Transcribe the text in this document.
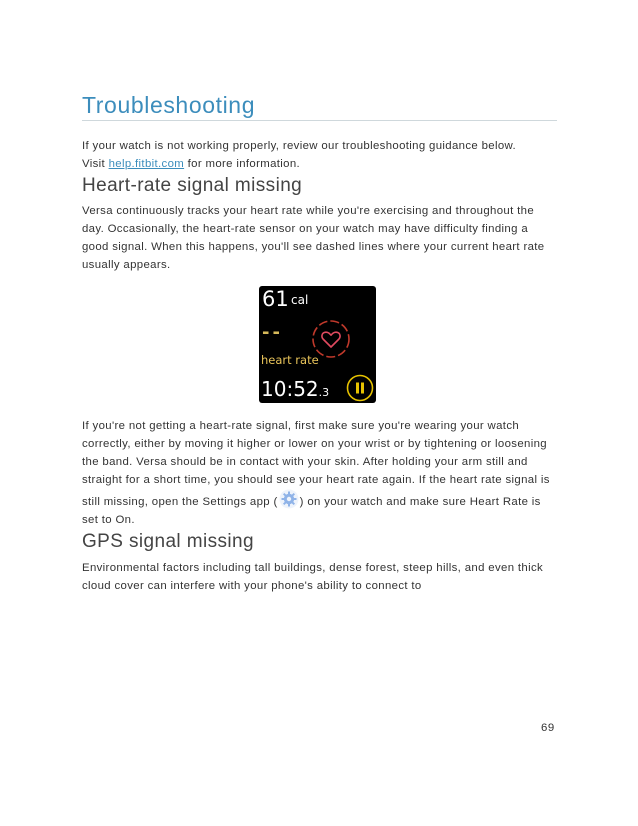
Troubleshooting

If your watch is not working properly, review our troubleshooting guidance below.
Visit help.fitbit.com for more information.

Heart-rate signal missing

Versa continuously tracks your heart rate while you're exercising and throughout the day. Occasionally, the heart-rate sensor on your watch may have difficulty finding a good signal. When this happens, you'll see dashed lines where your current heart rate usually appears.

61 cal
--
heart rate
10:52.3

If you're not getting a heart-rate signal, first make sure you're wearing your watch correctly, either by moving it higher or lower on your wrist or by tightening or loosening the band. Versa should be in contact with your skin. After holding your arm still and straight for a short time, you should see your heart rate again. If the heart rate signal is still missing, open the Settings app ( ) on your watch and make sure Heart Rate is set to On.

GPS signal missing

Environmental factors including tall buildings, dense forest, steep hills, and even thick cloud cover can interfere with your phone's ability to connect to

69
